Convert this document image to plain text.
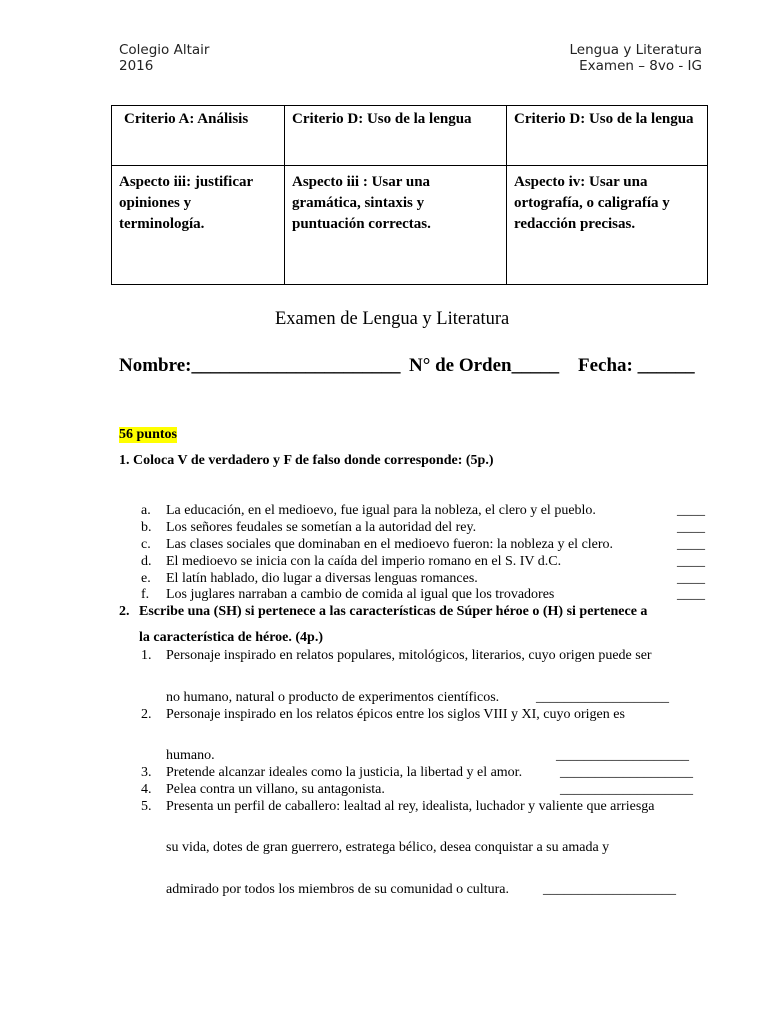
Colegio Altair
2016
Lengua y Literatura
Examen – 8vo - IG
Criterio A: Análisis	Criterio D: Uso de la lengua	Criterio D: Uso de la lengua
Aspecto iii: justificar opiniones y terminología.	Aspecto iii : Usar una gramática, sintaxis y puntuación correctas.	Aspecto iv: Usar una ortografía, o caligrafía y redacción precisas.
Examen de Lengua y Literatura
Nombre:______________________ N° de Orden_____ Fecha: ______
56 puntos
1. Coloca V de verdadero y F de falso donde corresponde: (5p.)
a. La educación, en el medioevo, fue igual para la nobleza, el clero y el pueblo.	____
b. Los señores feudales se sometían a la autoridad del rey.	____
c. Las clases sociales que dominaban en el medioevo fueron: la nobleza y el clero.	____
d. El medioevo se inicia con la caída del imperio romano en el S. IV d.C.	____
e. El latín hablado, dio lugar a diversas lenguas romances.	____
f. Los juglares narraban a cambio de comida al igual que los trovadores	____
2. Escribe una (SH) si pertenece a las características de Súper héroe o (H) si pertenece a
la característica de héroe. (4p.)
1. Personaje inspirado en relatos populares, mitológicos, literarios, cuyo origen puede ser
no humano, natural o producto de experimentos científicos.	___________________
2. Personaje inspirado en los relatos épicos entre los siglos VIII y XI, cuyo origen es
humano.	___________________
3. Pretende alcanzar ideales como la justicia, la libertad y el amor.	___________________
4. Pelea contra un villano, su antagonista.	___________________
5. Presenta un perfil de caballero: lealtad al rey, idealista, luchador y valiente que arriesga
su vida, dotes de gran guerrero, estratega bélico, desea conquistar a su amada y
admirado por todos los miembros de su comunidad o cultura. ___________________
